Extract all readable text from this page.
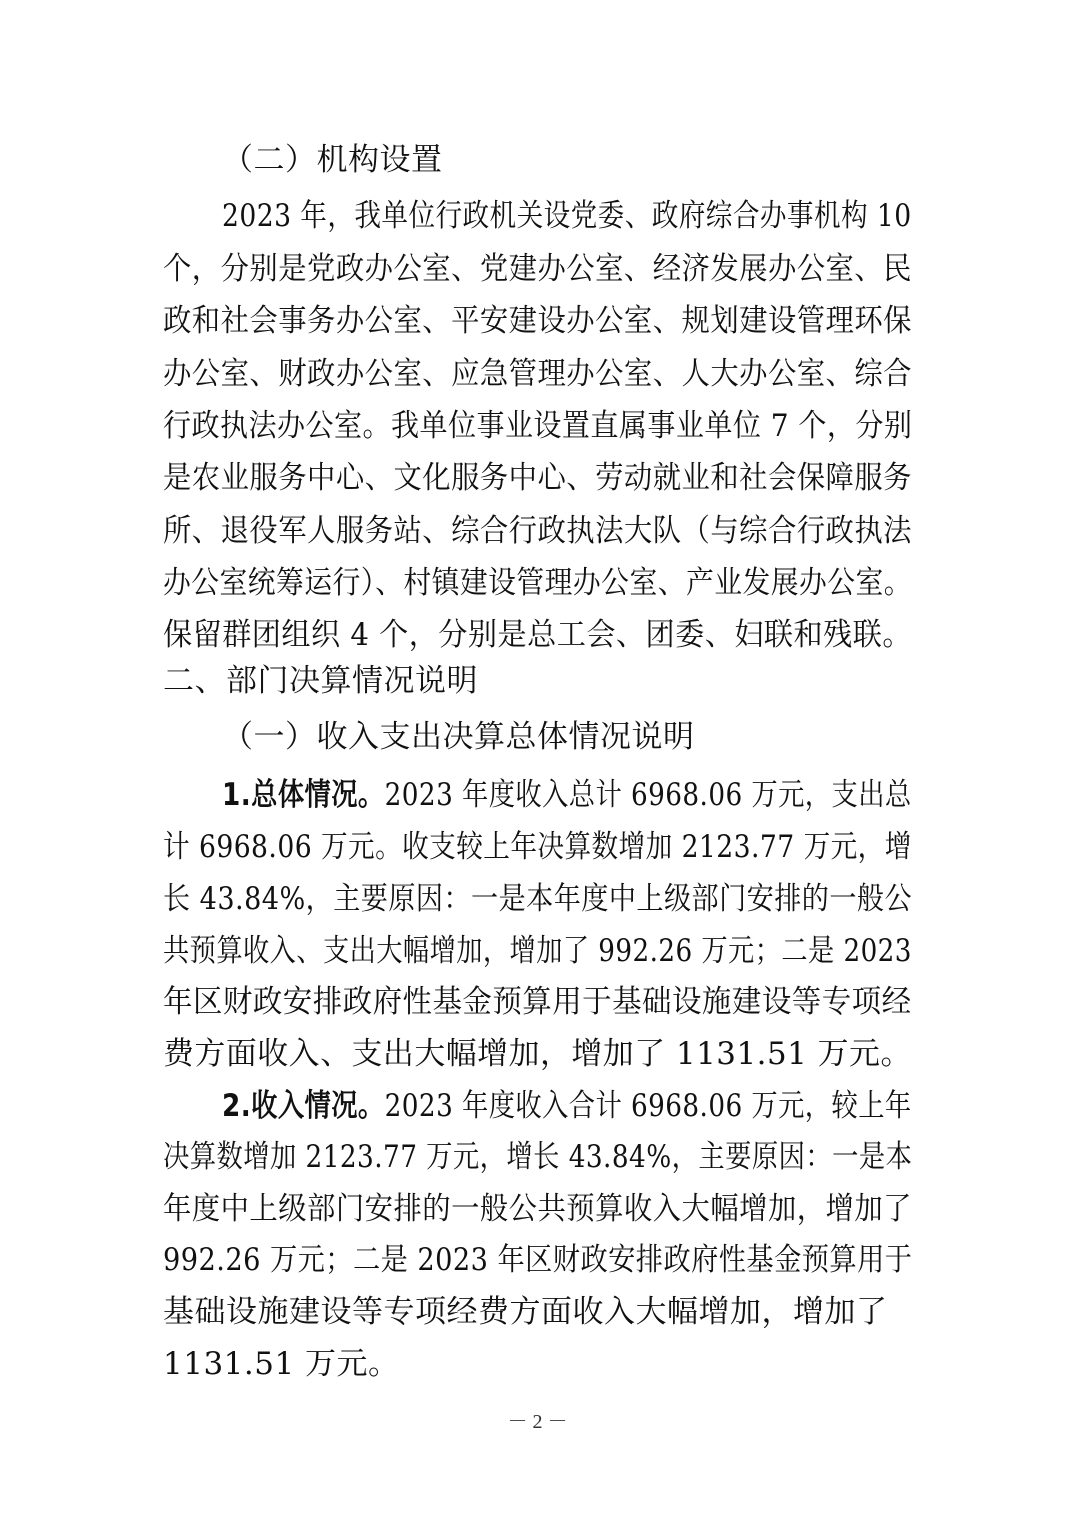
（二）机构设置
2023 年，我单位行政机关设党委、政府综合办事机构 10
个，分别是党政办公室、党建办公室、经济发展办公室、民
政和社会事务办公室、平安建设办公室、规划建设管理环保
办公室、财政办公室、应急管理办公室、人大办公室、综合
行政执法办公室。我单位事业设置直属事业单位 7 个，分别
是农业服务中心、文化服务中心、劳动就业和社会保障服务
所、退役军人服务站、综合行政执法大队（与综合行政执法
办公室统筹运行）、村镇建设管理办公室、产业发展办公室。
保留群团组织 4 个，分别是总工会、团委、妇联和残联。
二、部门决算情况说明
（一）收入支出决算总体情况说明
1.总体情况。2023 年度收入总计 6968.06 万元，支出总
计 6968.06 万元。收支较上年决算数增加 2123.77 万元，增
长 43.84%，主要原因：一是本年度中上级部门安排的一般公
共预算收入、支出大幅增加，增加了 992.26 万元；二是 2023
年区财政安排政府性基金预算用于基础设施建设等专项经
费方面收入、支出大幅增加，增加了 1131.51 万元。
2.收入情况。2023 年度收入合计 6968.06 万元，较上年
决算数增加 2123.77 万元，增长 43.84%，主要原因：一是本
年度中上级部门安排的一般公共预算收入大幅增加，增加了
992.26 万元；二是 2023 年区财政安排政府性基金预算用于
基础设施建设等专项经费方面收入大幅增加，增加了
1131.51 万元。
－ 2 －
